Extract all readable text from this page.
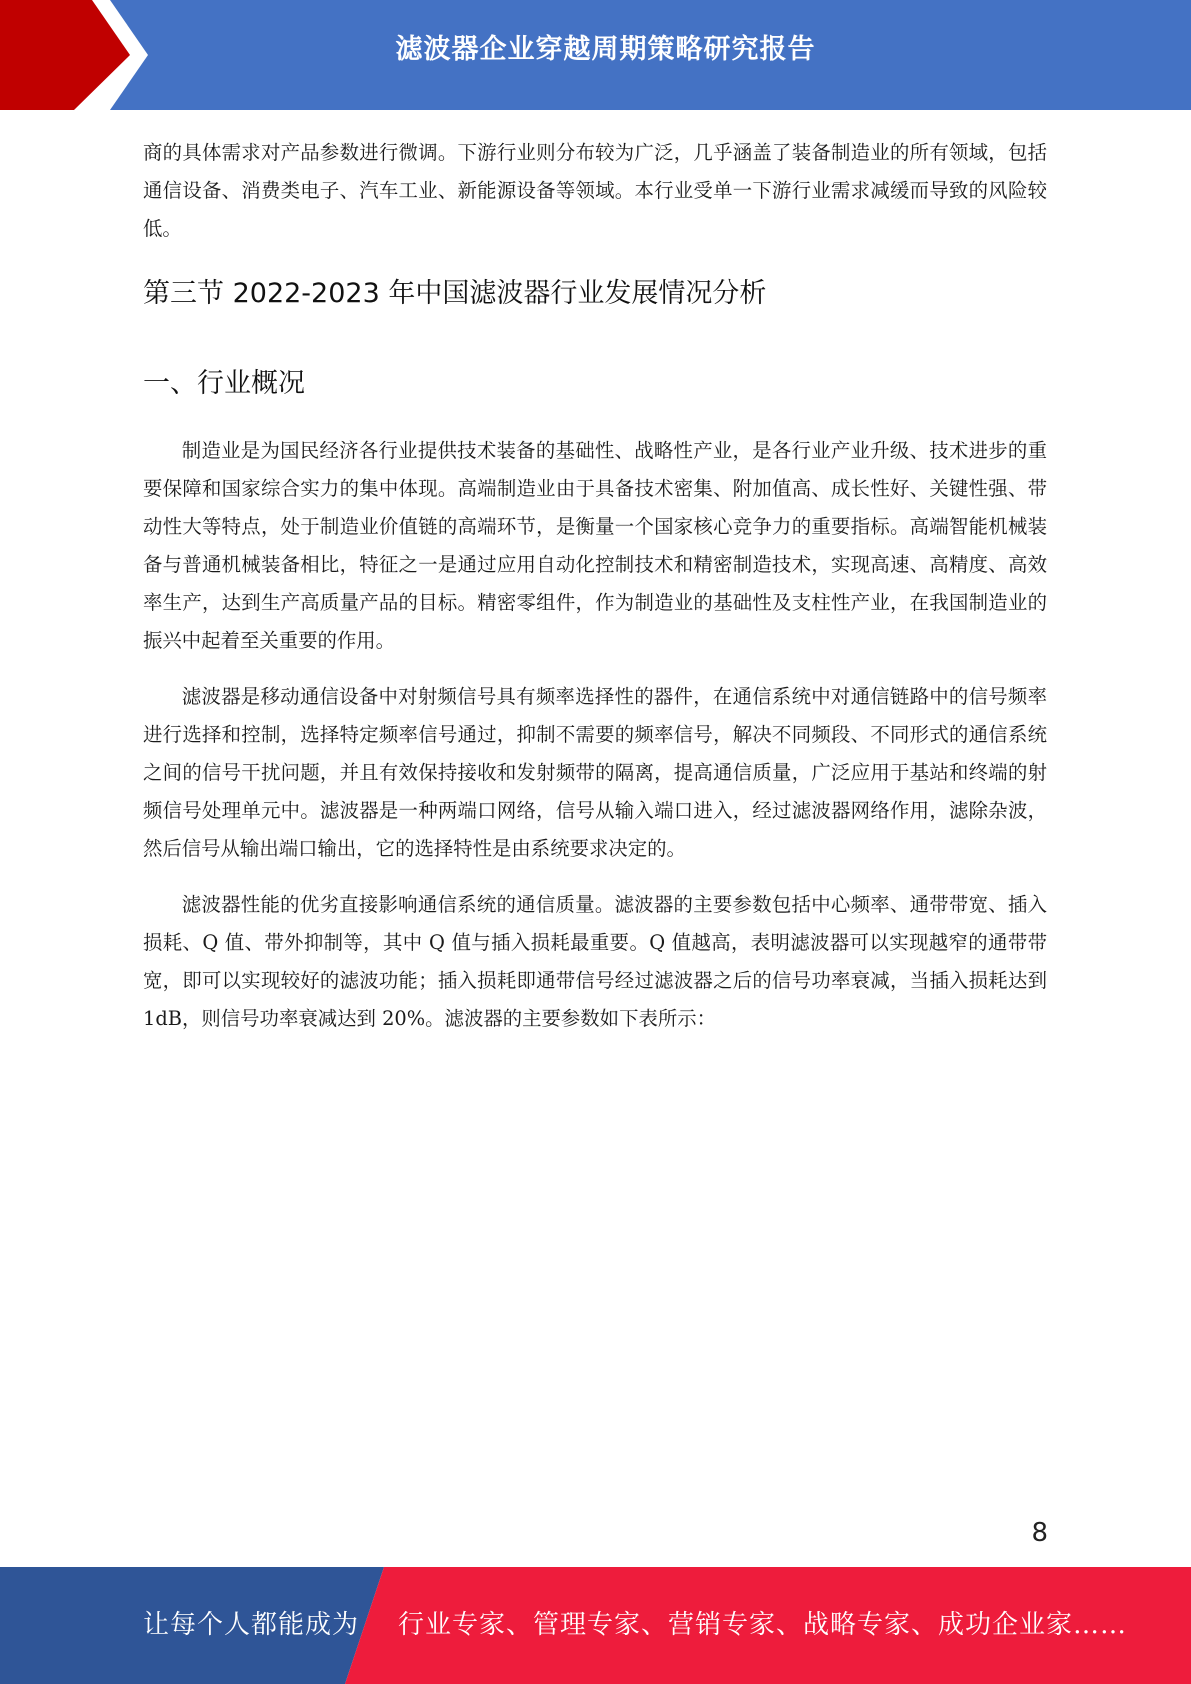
滤波器企业穿越周期策略研究报告

商的具体需求对产品参数进行微调。下游行业则分布较为广泛，几乎涵盖了装备制造业的所有领域，包括通信设备、消费类电子、汽车工业、新能源设备等领域。本行业受单一下游行业需求减缓而导致的风险较低。

第三节 2022-2023 年中国滤波器行业发展情况分析
一、行业概况

制造业是为国民经济各行业提供技术装备的基础性、战略性产业，是各行业产业升级、技术进步的重要保障和国家综合实力的集中体现。高端制造业由于具备技术密集、附加值高、成长性好、关键性强、带动性大等特点，处于制造业价值链的高端环节，是衡量一个国家核心竞争力的重要指标。高端智能机械装备与普通机械装备相比，特征之一是通过应用自动化控制技术和精密制造技术，实现高速、高精度、高效率生产，达到生产高质量产品的目标。精密零组件，作为制造业的基础性及支柱性产业，在我国制造业的振兴中起着至关重要的作用。

滤波器是移动通信设备中对射频信号具有频率选择性的器件，在通信系统中对通信链路中的信号频率进行选择和控制，选择特定频率信号通过，抑制不需要的频率信号，解决不同频段、不同形式的通信系统之间的信号干扰问题，并且有效保持接收和发射频带的隔离，提高通信质量，广泛应用于基站和终端的射频信号处理单元中。滤波器是一种两端口网络，信号从输入端口进入，经过滤波器网络作用，滤除杂波，然后信号从输出端口输出，它的选择特性是由系统要求决定的。

滤波器性能的优劣直接影响通信系统的通信质量。滤波器的主要参数包括中心频率、通带带宽、插入损耗、Q 值、带外抑制等，其中 Q 值与插入损耗最重要。Q 值越高，表明滤波器可以实现越窄的通带带宽，即可以实现较好的滤波功能；插入损耗即通带信号经过滤波器之后的信号功率衰减，当插入损耗达到 1dB，则信号功率衰减达到 20%。滤波器的主要参数如下表所示：

8
让每个人都能成为 行业专家、管理专家、营销专家、战略专家、成功企业家……
